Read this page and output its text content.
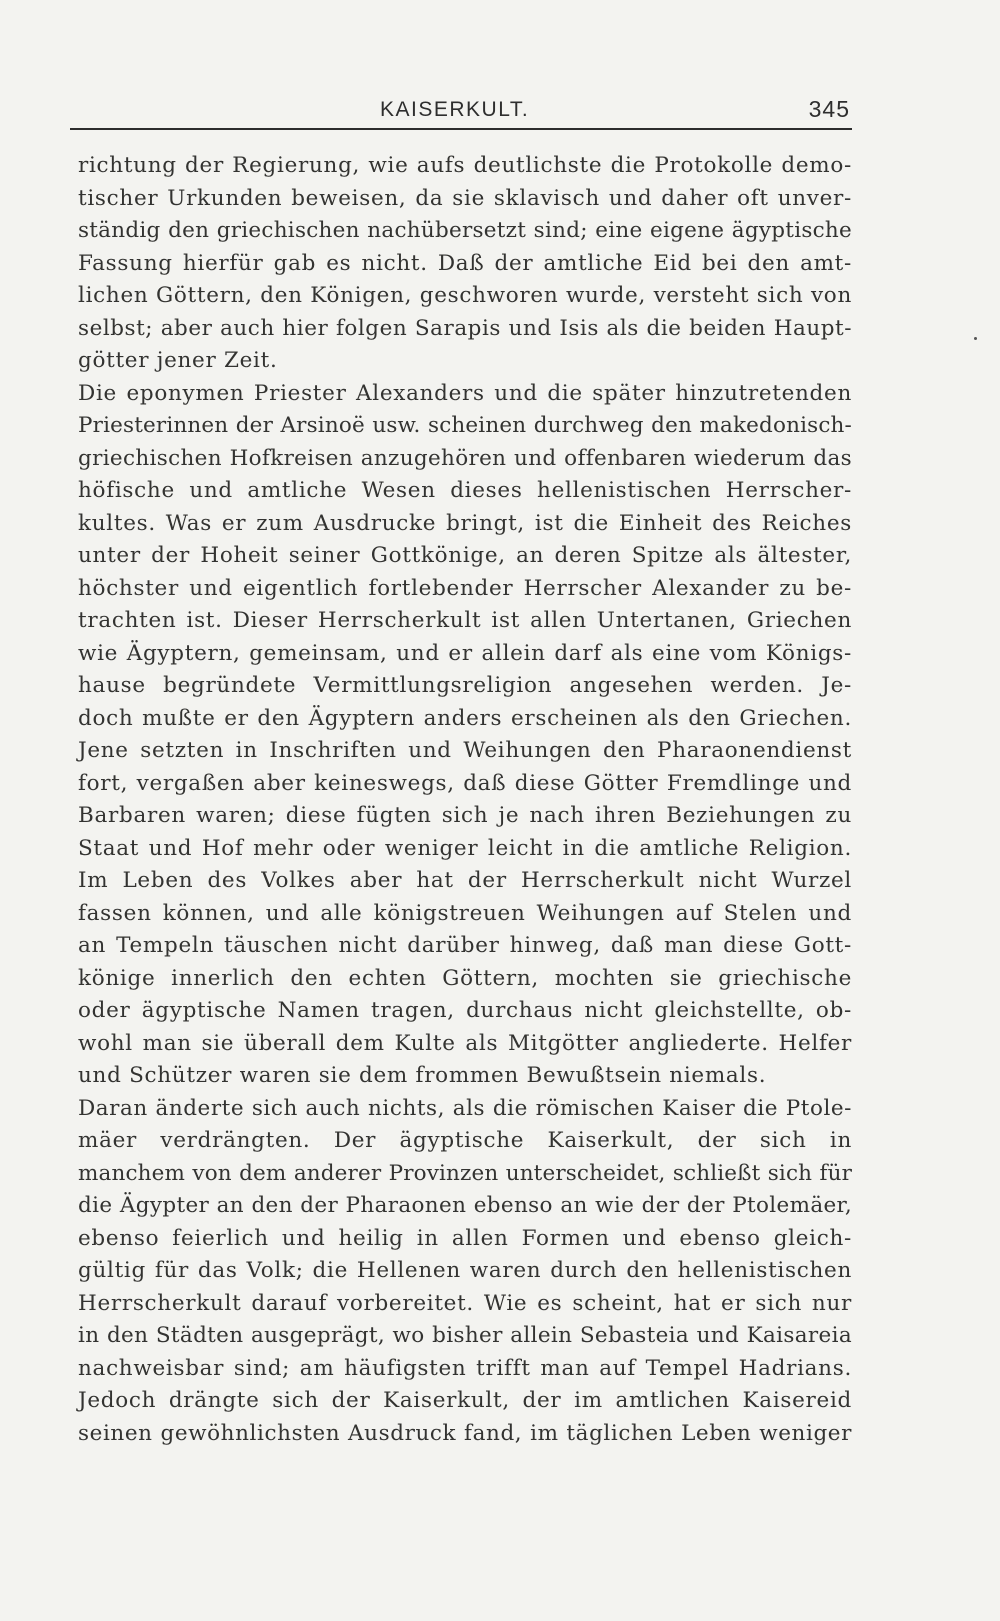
KAISERKULT.	345
richtung der Regierung, wie aufs deutlichste die Protokolle demo-
tischer Urkunden beweisen, da sie sklavisch und daher oft unver-
ständig den griechischen nachübersetzt sind; eine eigene ägyptische
Fassung hierfür gab es nicht. Daß der amtliche Eid bei den amt-
lichen Göttern, den Königen, geschworen wurde, versteht sich von
selbst; aber auch hier folgen Sarapis und Isis als die beiden Haupt-
götter jener Zeit.
Die eponymen Priester Alexanders und die später hinzutretenden
Priesterinnen der Arsinoë usw. scheinen durchweg den makedonisch-
griechischen Hofkreisen anzugehören und offenbaren wiederum das
höfische und amtliche Wesen dieses hellenistischen Herrscher-
kultes. Was er zum Ausdrucke bringt, ist die Einheit des Reiches
unter der Hoheit seiner Gottkönige, an deren Spitze als ältester,
höchster und eigentlich fortlebender Herrscher Alexander zu be-
trachten ist. Dieser Herrscherkult ist allen Untertanen, Griechen
wie Ägyptern, gemeinsam, und er allein darf als eine vom Königs-
hause begründete Vermittlungsreligion angesehen werden. Je-
doch mußte er den Ägyptern anders erscheinen als den Griechen.
Jene setzten in Inschriften und Weihungen den Pharaonendienst
fort, vergaßen aber keineswegs, daß diese Götter Fremdlinge und
Barbaren waren; diese fügten sich je nach ihren Beziehungen zu
Staat und Hof mehr oder weniger leicht in die amtliche Religion.
Im Leben des Volkes aber hat der Herrscherkult nicht Wurzel
fassen können, und alle königstreuen Weihungen auf Stelen und
an Tempeln täuschen nicht darüber hinweg, daß man diese Gott-
könige innerlich den echten Göttern, mochten sie griechische
oder ägyptische Namen tragen, durchaus nicht gleichstellte, ob-
wohl man sie überall dem Kulte als Mitgötter angliederte. Helfer
und Schützer waren sie dem frommen Bewußtsein niemals.
Daran änderte sich auch nichts, als die römischen Kaiser die Ptole-
mäer verdrängten. Der ägyptische Kaiserkult, der sich in
manchem von dem anderer Provinzen unterscheidet, schließt sich für
die Ägypter an den der Pharaonen ebenso an wie der der Ptolemäer,
ebenso feierlich und heilig in allen Formen und ebenso gleich-
gültig für das Volk; die Hellenen waren durch den hellenistischen
Herrscherkult darauf vorbereitet. Wie es scheint, hat er sich nur
in den Städten ausgeprägt, wo bisher allein Sebasteia und Kaisareia
nachweisbar sind; am häufigsten trifft man auf Tempel Hadrians.
Jedoch drängte sich der Kaiserkult, der im amtlichen Kaisereid
seinen gewöhnlichsten Ausdruck fand, im täglichen Leben weniger
